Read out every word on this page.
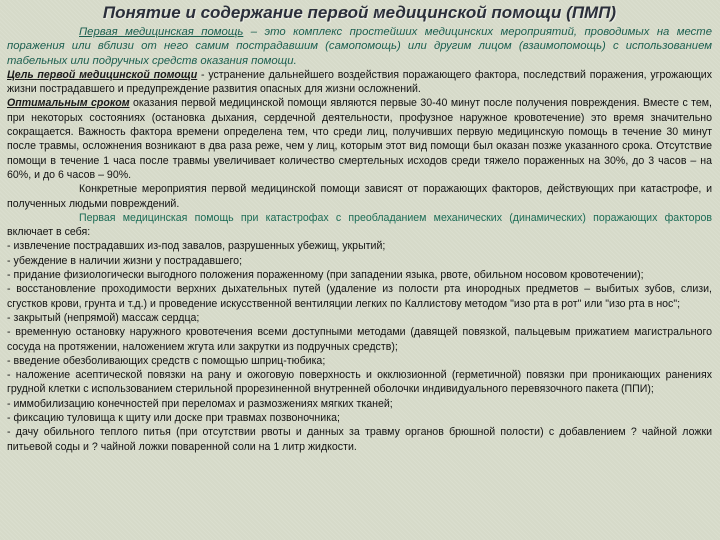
Понятие и содержание первой медицинской помощи (ПМП)

Первая медицинская помощь – это комплекс простейших медицинских мероприятий, проводимых на месте поражения или вблизи от него самим пострадавшим (самопомощь) или другим лицом (взаимопомощь) с использованием табельных или подручных средств оказания помощи.

Цель первой медицинской помощи - устранение дальнейшего воздействия поражающего фактора, последствий поражения, угрожающих жизни пострадавшего и предупреждение развития опасных для жизни осложнений.

Оптимальным сроком оказания первой медицинской помощи являются первые 30-40 минут после получения повреждения. Вместе с тем, при некоторых состояниях (остановка дыхания, сердечной деятельности, профузное наружное кровотечение) это время значительно сокращается. Важность фактора времени определена тем, что среди лиц, получивших первую медицинскую помощь в течение 30 минут после травмы, осложнения возникают в два раза реже, чем у лиц, которым этот вид помощи был оказан позже указанного срока. Отсутствие помощи в течение 1 часа после травмы увеличивает количество смертельных исходов среди тяжело пораженных на 30%, до 3 часов – на 60%, и до 6 часов – 90%.

Конкретные мероприятия первой медицинской помощи зависят от поражающих факторов, действующих при катастрофе, и полученных людьми повреждений.

Первая медицинская помощь при катастрофах с преобладанием механических (динамических) поражающих факторов включает в себя:

- извлечение пострадавших из-под завалов, разрушенных убежищ, укрытий;

- убеждение в наличии жизни у пострадавшего;

- придание физиологически выгодного положения пораженному (при западении языка, рвоте, обильном носовом кровотечении);

- восстановление проходимости верхних дыхательных путей (удаление из полости рта инородных предметов – выбитых зубов, слизи, сгустков крови, грунта и т.д.) и проведение искусственной вентиляции легких по Каллистову методом "изо рта в рот" или "изо рта в нос";

- закрытый (непрямой) массаж сердца;

- временную остановку наружного кровотечения всеми доступными методами (давящей повязкой, пальцевым прижатием магистрального сосуда на протяжении, наложением жгута или закрутки из подручных средств);

- введение обезболивающих средств с помощью шприц-тюбика;

- наложение асептической повязки на рану и ожоговую поверхность и окклюзионной (герметичной) повязки при проникающих ранениях грудной клетки с использованием стерильной прорезиненной внутренней оболочки индивидуального перевязочного пакета (ППИ);

- иммобилизацию конечностей при переломах и размозжениях мягких тканей;

- фиксацию туловища к щиту или доске при травмах позвоночника;

- дачу обильного теплого питья (при отсутствии рвоты и данных за травму органов брюшной полости) с добавлением ? чайной ложки питьевой соды и ? чайной ложки поваренной соли на 1 литр жидкости.
